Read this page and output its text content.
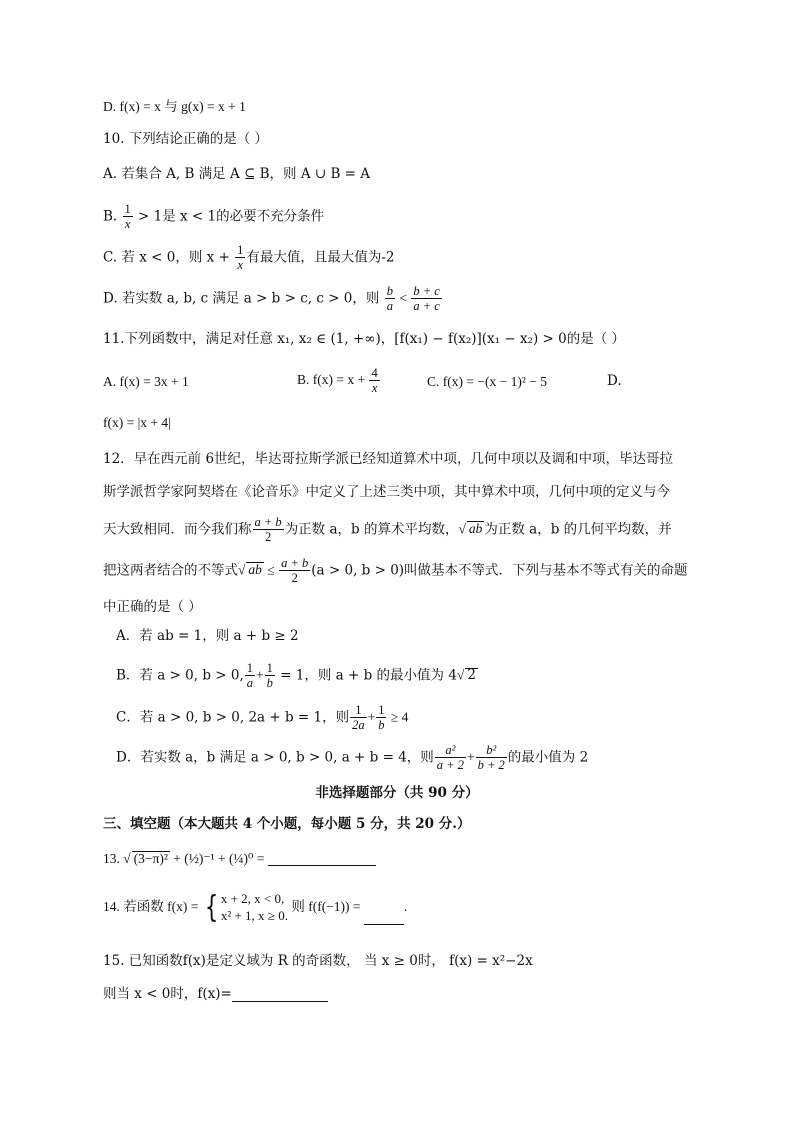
D. f(x) = x 与 g(x) = x + 1
10. 下列结论正确的是（ ）
A. 若集合 A, B 满足 A ⊆ B，则 A ∪ B = A
B. $\frac{1}{x} > 1$是 x < 1的必要不充分条件
C. 若 x < 0，则 $x + \frac{1}{x}$ 有最大值，且最大值为-2
D. 若实数 a, b, c 满足 a > b > c, c > 0，则 $\frac{b}{a} < \frac{b + c}{a + c}$
11.下列函数中，满足对任意 x₁, x₂ ∈ (1, +∞)，[f(x₁) − f(x₂)](x₁ − x₂) > 0的是（ ）
A. f(x) = 3x + 1	B. $f(x) = x + \frac{4}{x}$	C. f(x) = −(x − 1)² − 5	D.
f(x) = |x + 4|
12．早在西元前 6世纪，毕达哥拉斯学派已经知道算术中项，几何中项以及调和中项，毕达哥拉
斯学派哲学家阿契塔在《论音乐》中定义了上述三类中项，其中算术中项，几何中项的定义与今
天大致相同．而今我们称 $\frac{a + b}{2}$ 为正数 a，b 的算术平均数，√ ab 为正数 a，b 的几何平均数，并
把这两者结合的不等式√ ab ≤ $\frac{a + b}{2} (a > 0$, b > 0)叫做基本不等式．下列与基本不等式有关的命题
中正确的是（ ）
A．若 ab = 1，则 a + b ≥ 2
B．若 a > 0, b > 0, $\frac{1}{a} + \frac{1}{b} = 1$，则 a + b 的最小值为 4√ 2
C．若 a > 0, b > 0, 2a + b = 1，则 $\frac{1}{2a} + \frac{1}{b} \ge 4$
D．若实数 a，b 满足 a > 0, b > 0, a + b = 4，则 $\frac{\text{a²}}{a + 2} + \frac{\text{b²}}{b + 2}$ 的最小值为 2
非选择题部分（共 90 分）
三、填空题（本大题共 4 个小题，每小题 5 分，共 20 分.）
13. √ (3−π)² + (½)⁻¹ + (¼)⁰ =
14. 若函数 f(x) = { x + 2, x < 0,
x² + 1, x ≥ 0.
则 f(f(−1)) =	.
15. 已知函数f(x)是定义域为 R 的奇函数， 当 x ≥ 0时， f(x) = x²−2x
则当 x < 0时，f(x)=
